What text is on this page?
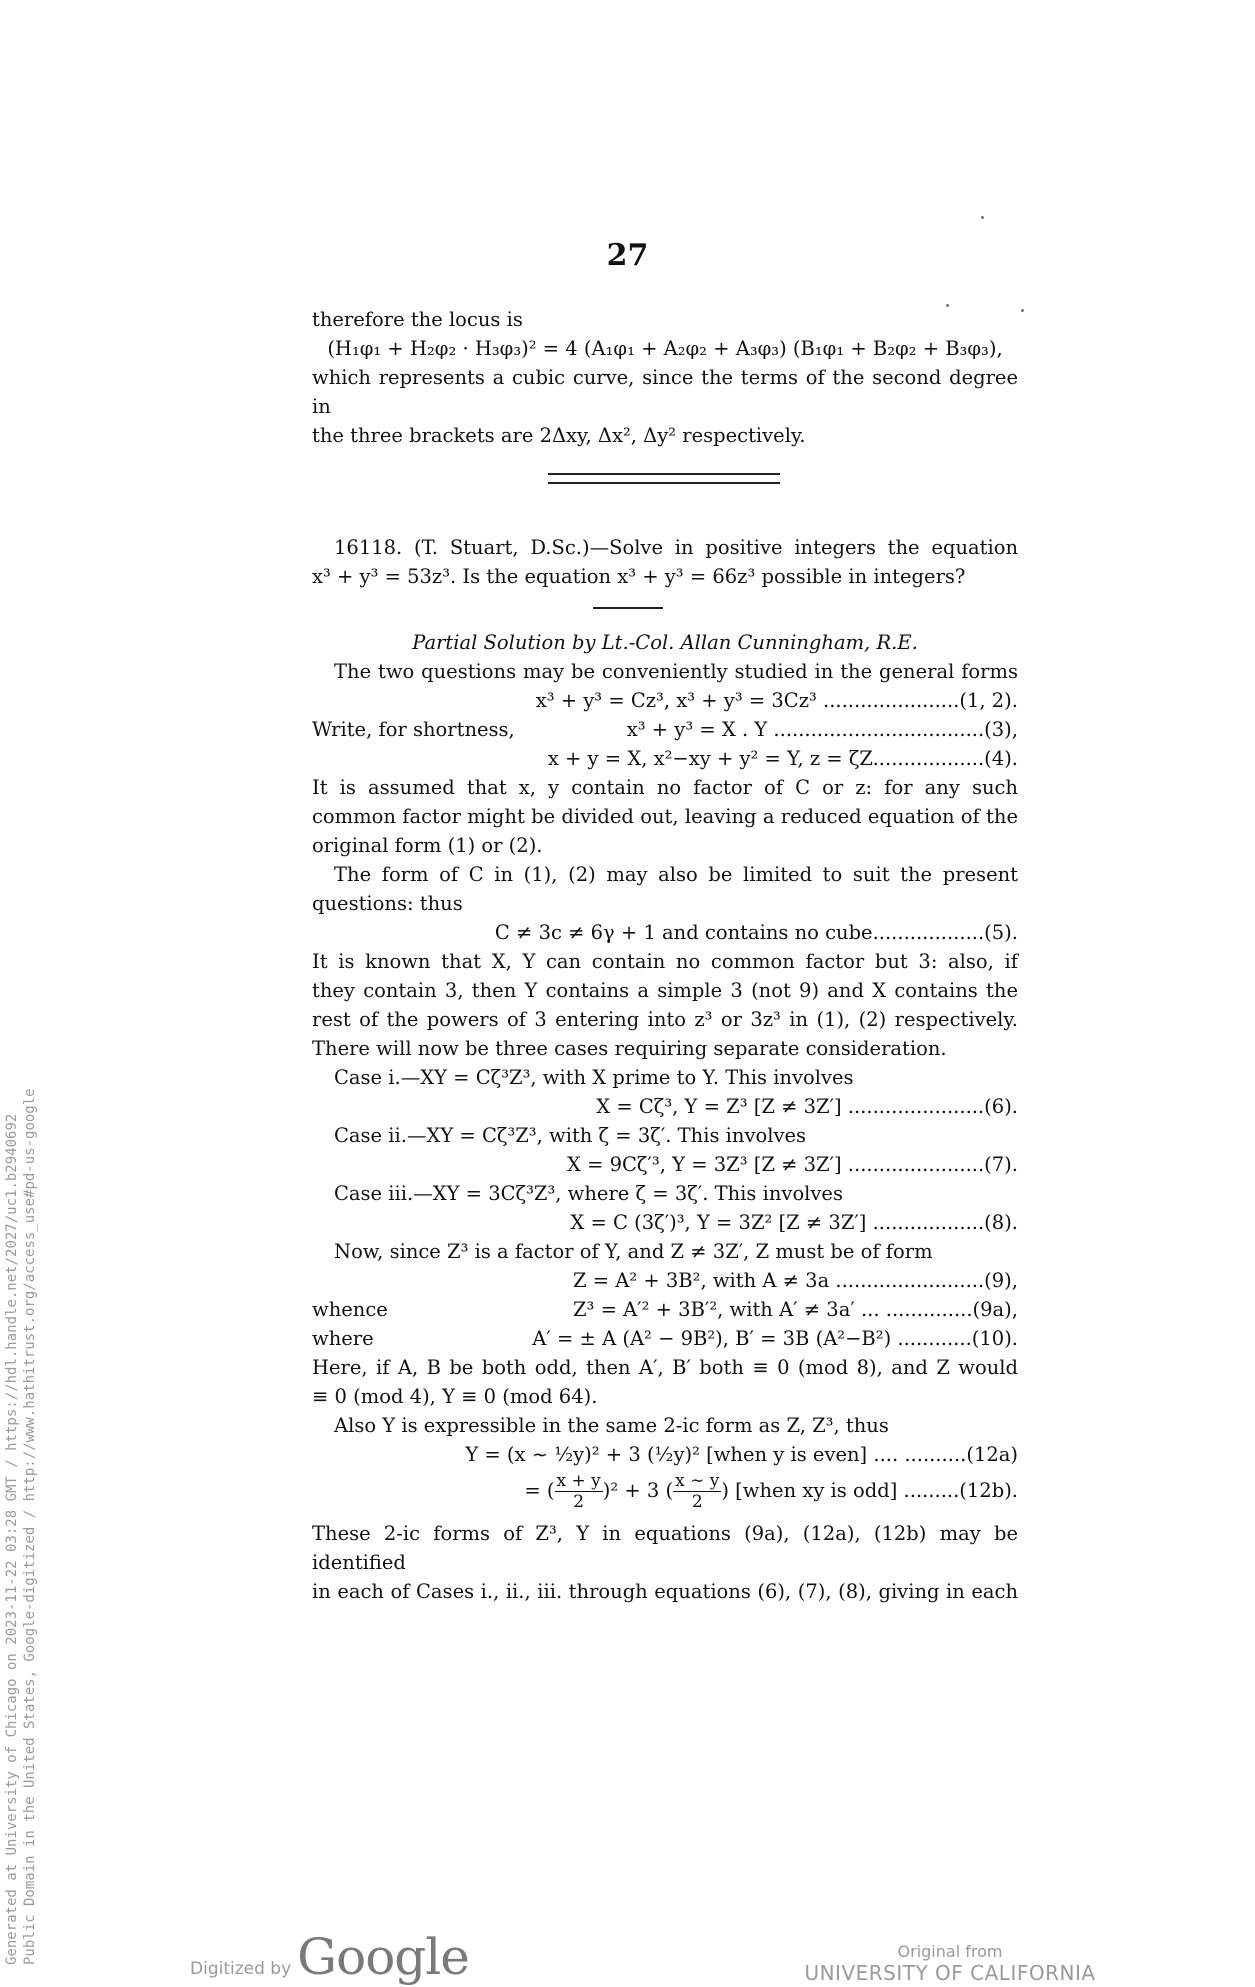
27
therefore the locus is
(H₁φ₁ + H₂φ₂ · H₃φ₃)² = 4 (A₁φ₁ + A₂φ₂ + A₃φ₃) (B₁φ₁ + B₂φ₂ + B₃φ₃),
which represents a cubic curve, since the terms of the second degree in
the three brackets are 2Δxy, Δx², Δy² respectively.
16118. (T. Stuart, D.Sc.)—Solve in positive integers the equation
x³ + y³ = 53z³. Is the equation x³ + y³ = 66z³ possible in integers?
Partial Solution by Lt.-Col. Allan Cunningham, R.E.
The two questions may be conveniently studied in the general forms
x³ + y³ = Cz³, x³ + y³ = 3Cz³ ......................(1, 2).
Write, for shortness,	x³ + y³ = X . Y ..................................(3),
x + y = X, x²−xy + y² = Y, z = ζZ..................(4).
It is assumed that x, y contain no factor of C or z: for any such
common factor might be divided out, leaving a reduced equation of the
original form (1) or (2).
The form of C in (1), (2) may also be limited to suit the present
questions: thus
C ≠ 3c ≠ 6γ + 1 and contains no cube..................(5).
It is known that X, Y can contain no common factor but 3: also, if
they contain 3, then Y contains a simple 3 (not 9) and X contains the
rest of the powers of 3 entering into z³ or 3z³ in (1), (2) respectively.
There will now be three cases requiring separate consideration.
Case i.—XY = Cζ³Z³, with X prime to Y. This involves
X = Cζ³, Y = Z³ [Z ≠ 3Z′] ......................(6).
Case ii.—XY = Cζ³Z³, with ζ = 3ζ′. This involves
X = 9Cζ′³, Y = 3Z³ [Z ≠ 3Z′] ......................(7).
Case iii.—XY = 3Cζ³Z³, where ζ = 3ζ′. This involves
X = C (3ζ′)³, Y = 3Z² [Z ≠ 3Z′] ..................(8).
Now, since Z³ is a factor of Y, and Z ≠ 3Z′, Z must be of form
Z = A² + 3B², with A ≠ 3a ........................(9),
whence	Z³ = A′² + 3B′², with A′ ≠ 3a′ ... ..............(9a),
where	A′ = ± A (A² − 9B²), B′ = 3B (A²−B²) ............(10).
Here, if A, B be both odd, then A′, B′ both ≡ 0 (mod 8), and Z would
≡ 0 (mod 4), Y ≡ 0 (mod 64).
Also Y is expressible in the same 2-ic form as Z, Z³, thus
Y = (x ∼ ½y)² + 3 (½y)² [when y is even] .... ..........(12a)
= ( $\frac{x + y}{2} )^2 + 3$ ( $\frac{x \sim y}{2}$ ) [when xy is odd] .........(12b).
These 2-ic forms of Z³, Y in equations (9a), (12a), (12b) may be identified
in each of Cases i., ii., iii. through equations (6), (7), (8), giving in each
Generated at University of Chicago on 2023-11-22 03:28 GMT / https://hdl.handle.net/2027/uc1.b2940692 Public Domain in the United States, Google-digitized / http://www.hathitrust.org/access_use#pd-us-google
Digitized by Google	Original from
UNIVERSITY OF CALIFORNIA
